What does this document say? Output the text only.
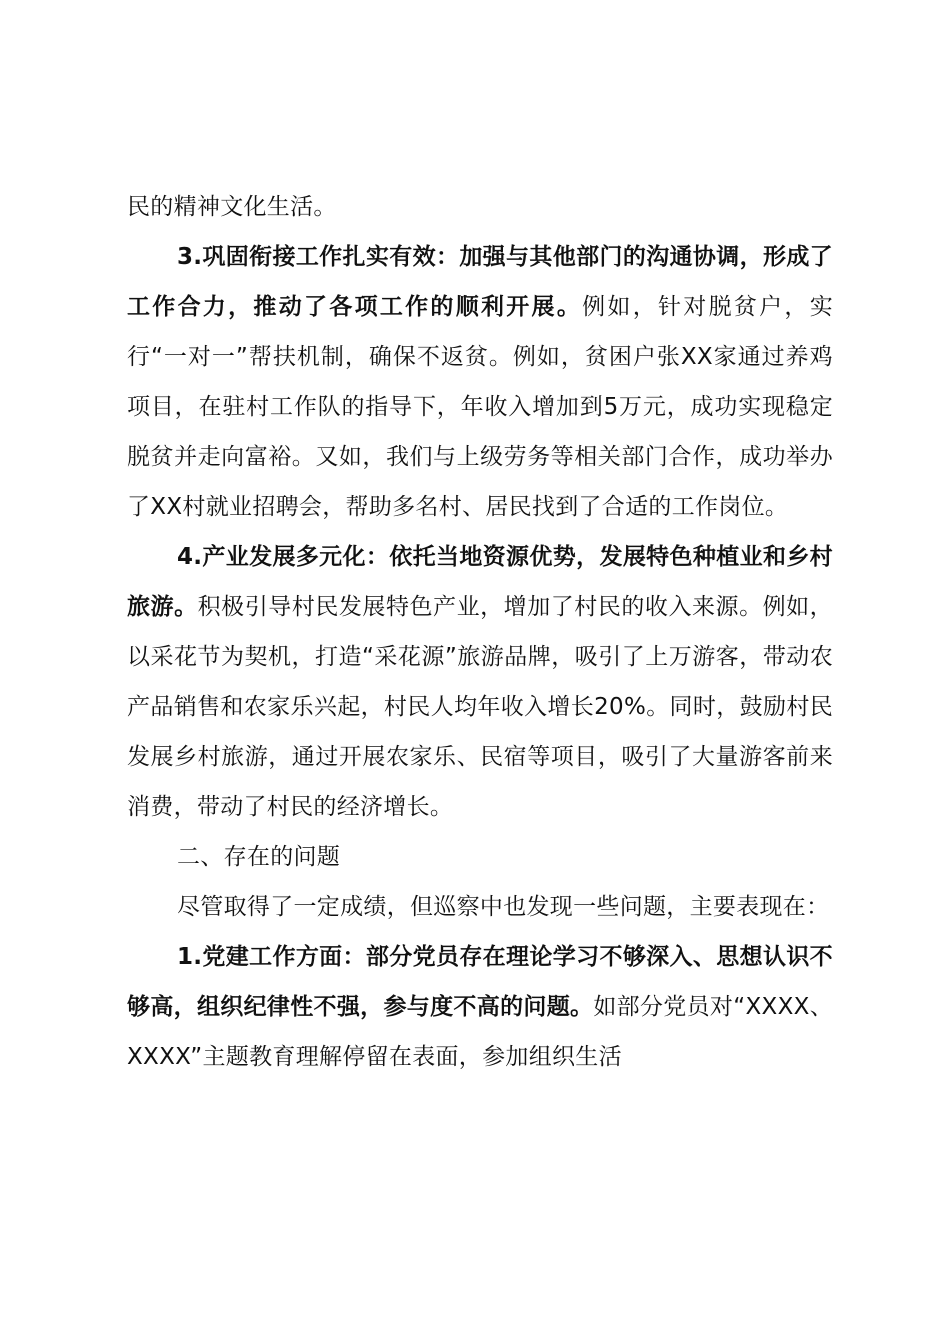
民的精神文化生活。

3.巩固衔接工作扎实有效：加强与其他部门的沟通协调，形成了工作合力，推动了各项工作的顺利开展。例如，针对脱贫户，实行“一对一”帮扶机制，确保不返贫。例如，贫困户张XX家通过养鸡项目，在驻村工作队的指导下，年收入增加到5万元，成功实现稳定脱贫并走向富裕。又如，我们与上级劳务等相关部门合作，成功举办了XX村就业招聘会，帮助多名村、居民找到了合适的工作岗位。

4.产业发展多元化：依托当地资源优势，发展特色种植业和乡村旅游。积极引导村民发展特色产业，增加了村民的收入来源。例如，以采花节为契机，打造“采花源”旅游品牌，吸引了上万游客，带动农产品销售和农家乐兴起，村民人均年收入增长20%。同时，鼓励村民发展乡村旅游，通过开展农家乐、民宿等项目，吸引了大量游客前来消费，带动了村民的经济增长。

二、存在的问题

尽管取得了一定成绩，但巡察中也发现一些问题，主要表现在：

1.党建工作方面：部分党员存在理论学习不够深入、思想认识不够高，组织纪律性不强，参与度不高的问题。如部分党员对“XXXX、XXXX”主题教育理解停留在表面，参加组织生活
